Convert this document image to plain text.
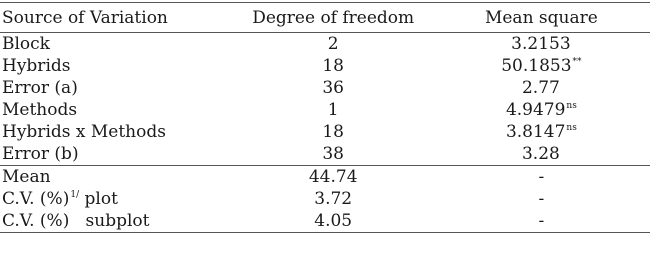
Source of Variation	Degree of freedom	Mean square
Block	2	3.2153
Hybrids	18	50.1853**
Error (a)	36	2.77
Methods	1	$4.9479^{ns}$
Hybrids x Methods	18	$3.8147^{ns}$
Error (b)	38	3.28
Mean	44.74	-
C.V. (%)$^{1/}$ plot	3.72	-
C.V. (%)   subplot	4.05	-
